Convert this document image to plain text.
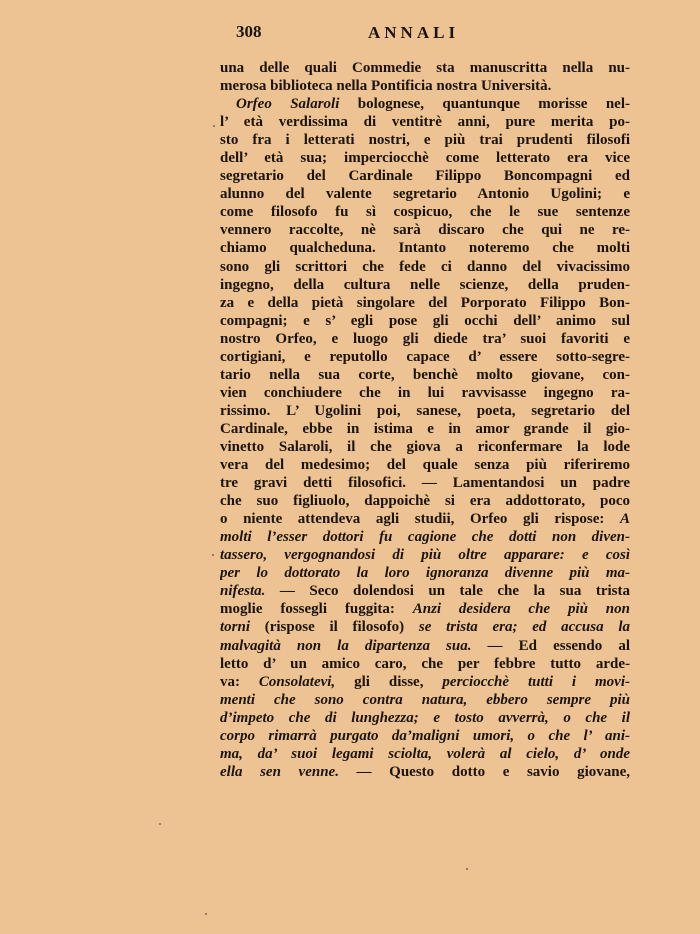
308	ANNALI
una delle quali Commedie sta manuscritta nella nu-
merosa biblioteca nella Pontificia nostra Università.
Orfeo Salaroli bolognese, quantunque morisse nel-
l’ età verdissima di ventitrè anni, pure merita po-
sto fra i letterati nostri, e più trai prudenti filosofi
dell’ età sua; imperciocchè come letterato era vice
segretario del Cardinale Filippo Boncompagni ed
alunno del valente segretario Antonio Ugolini; e
come filosofo fu sì cospicuo, che le sue sentenze
vennero raccolte, nè sarà discaro che qui ne re-
chiamo qualcheduna. Intanto noteremo che molti
sono gli scrittori che fede ci danno del vivacissimo
ingegno, della cultura nelle scienze, della pruden-
za e della pietà singolare del Porporato Filippo Bon-
compagni; e s’ egli pose gli occhi dell’ animo sul
nostro Orfeo, e luogo gli diede tra’ suoi favoriti e
cortigiani, e reputollo capace d’ essere sotto-segre-
tario nella sua corte, benchè molto giovane, con-
vien conchiudere che in lui ravvisasse ingegno ra-
rissimo. L’ Ugolini poi, sanese, poeta, segretario del
Cardinale, ebbe in istima e in amor grande il gio-
vinetto Salaroli, il che giova a riconfermare la lode
vera del medesimo; del quale senza più riferiremo
tre gravi detti filosofici. — Lamentandosi un padre
che suo figliuolo, dappoichè si era addottorato, poco
o niente attendeva agli studii, Orfeo gli rispose: A
molti l’esser dottori fu cagione che dotti non diven-
tassero, vergognandosi di più oltre apparare: e così
per lo dottorato la loro ignoranza divenne più ma-
nifesta. — Seco dolendosi un tale che la sua trista
moglie fossegli fuggita: Anzi desidera che più non
torni (rispose il filosofo) se trista era; ed accusa la
malvagità non la dipartenza sua. — Ed essendo al
letto d’ un amico caro, che per febbre tutto arde-
va: Consolatevi, gli disse, perciocchè tutti i movi-
menti che sono contra natura, ebbero sempre più
d’impeto che di lunghezza; e tosto avverrà, o che il
corpo rimarrà purgato da’maligni umori, o che l’ ani-
ma, da’ suoi legami sciolta, volerà al cielo, d’ onde
ella sen venne. — Questo dotto e savio giovane,
